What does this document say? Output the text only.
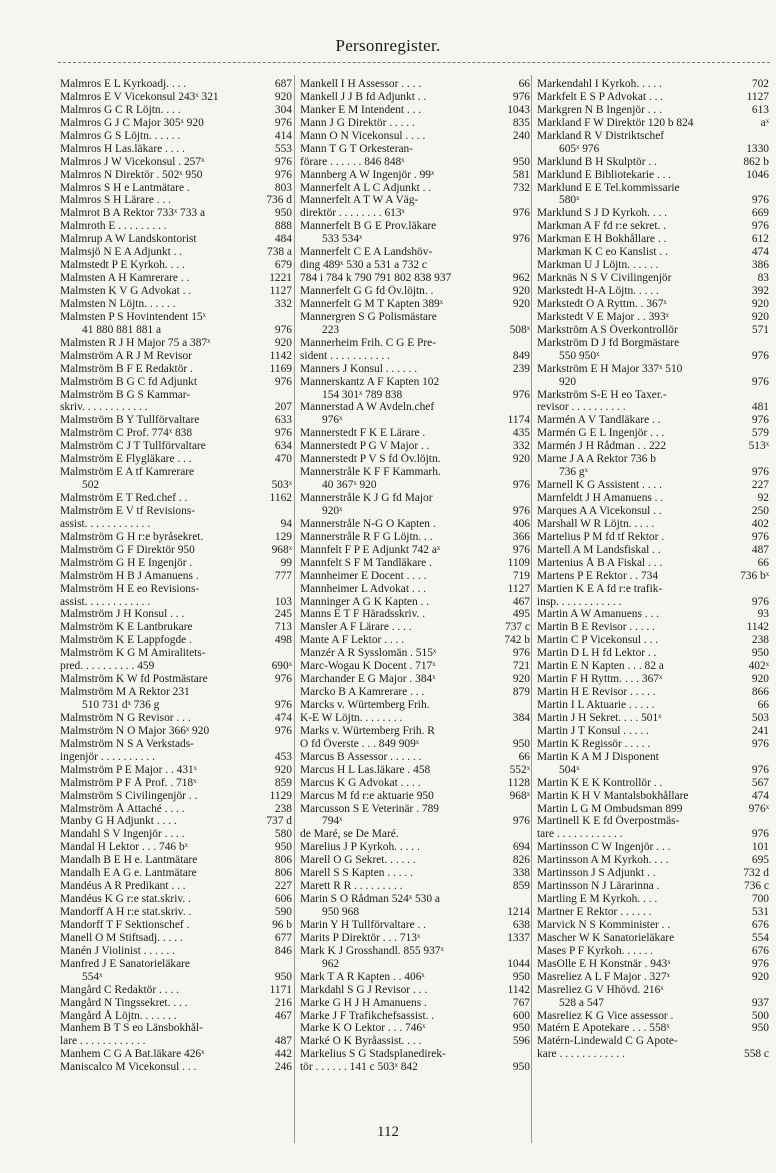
Personregister.
687
Malmros E L Kyrkoadj. . . .
920
Malmros E V Vicekonsul 243ˣ 321
304
Malmros G C R Löjtn. . . .
976
Malmros G J C Major 305ˣ 920
414
Malmros G S Löjtn. . . . . .
553
Malmros H Las.läkare . . . .
976
Malmros J W Vicekonsul . 257ˣ
976
Malmros N Direktör . 502ˣ 950
803
Malmros S H e Lantmätare .
736 d
Malmros S H Lärare . . .
950
Malmrot B A Rektor 733ˣ 733 a
888
Malmroth E . . . . . . . . .
484
Malmrup A W Landskontorist
738 a
Malmsjö N E A Adjunkt . .
679
Malmstedt P E Kyrkoh. . . .
1221
Malmsten A H Kamrerare . .
1127
Malmsten K V G Advokat . .
332
Malmsten N Löjtn. . . . . .
Malmsten P S Hovintendent 15ˣ
976
41 880 881 881 a
920
Malmsten R J H Major 75 a 387ˣ
1142
Malmström A R J M Revisor
1169
Malmström B F E Redaktör .
976
Malmström B G C fd Adjunkt
Malmström B G S Kammar-
207
skriv. . . . . . . . . . . .
633
Malmström B Y Tullförvaltare
976
Malmström C Prof. 774ˣ 838
634
Malmström C J T Tullförvaltare
470
Malmström E Flygläkare . . .
Malmström E A tf Kamrerare
503ˣ
502
1162
Malmström E T Red.chef . .
Malmström E V tf Revisions-
94
assist. . . . . . . . . . . .
129
Malmström G H r:e byråsekret.
968ˣ
Malmström G F Direktör 950
99
Malmström G H E Ingenjör .
777
Malmström H B J Amanuens .
Malmström H E eo Revisions-
103
assist. . . . . . . . . . . .
245
Malmström J H Konsul . . .
713
Malmström K E Lantbrukare
498
Malmström K E Lappfogde .
Malmström K G M Amiralitets-
690ˣ
pred. . . . . . . . . . 459
976
Malmström K W fd Postmästare
Malmström M A Rektor 231
976
510 731 dˣ 736 g
474
Malmström N G Revisor . . .
976
Malmström N O Major 366ˣ 920
Malmström N S A Verkstads-
453
ingenjör . . . . . . . . . .
920
Malmström P E Major . . 431ˣ
859
Malmström P F Å Prof. . 718ˣ
1129
Malmström S Civilingenjör . .
238
Malmström Å Attaché . . . .
737 d
Manby G H Adjunkt . . . .
580
Mandahl S V Ingenjör . . . .
950
Mandal H Lektor . . . 746 bˣ
806
Mandalh B E H e. Lantmätare
806
Mandalh E A G e. Lantmätare
227
Mandéus A R Predikant . . .
606
Mandéus K G r:e stat.skriv. .
590
Mandorff A H r:e stat.skriv. .
96 b
Mandorff T F Sektionschef .
677
Manell O M Stiftsadj. . . . .
846
Manén J Violinist . . . . . .
Manfred J E Sanatorieläkare
950
554ˣ
1171
Mangård C Redaktör . . . .
216
Mangård N Tingssekret. . . .
467
Mangård Å Löjtn. . . . . . .
Manhem B T S eo Länsbokhål-
487
lare . . . . . . . . . . . .
442
Manhem C G A Bat.läkare 426ˣ
246
Maniscalco M Vicekonsul . . .
66
Mankell I H Assessor . . . .
976
Mankell J J B fd Adjunkt . .
1043
Manker E M Intendent . . .
835
Mann J G Direktör . . . . .
240
Mann O N Vicekonsul . . . .
Mann T G T Orkesteran-
950
förare . . . . . . 846 848ˣ
581
Mannberg A W Ingenjör . 99ˣ
732
Mannerfelt A L C Adjunkt . .
Mannerfelt A T W A Väg-
976
direktör . . . . . . . . 613ˣ
Mannerfelt B G E Prov.läkare
976
533 534ˣ
Mannerfelt C E A Landshöv-
ding 489ˣ 530 a 531 a 732 c
962
784 i 784 k 790 791 802 838 937
920
Mannerfelt G G fd Öv.löjtn. .
920
Mannerfelt G M T Kapten 389ˣ
Mannergren S G Polismästare
508ˣ
223
Mannerheim Frih. C G E Pre-
849
sident . . . . . . . . . . .
239
Manners J Konsul . . . . . .
Mannerskantz A F Kapten 102
976
154 301ˣ 789 838
Mannerstad A W Avdeln.chef
1174
976ˣ
435
Mannerstedt F K E Lärare .
332
Mannerstedt P G V Major . .
920
Mannerstedt P V S fd Öv.löjtn.
Mannerstråle K F F Kammarh.
976
40 367ˣ 920
Mannerstråle K J G fd Major
976
920ˣ
406
Mannerstråle N-G O Kapten .
366
Mannerstråle R F G Löjtn. . .
976
Mannfelt F P E Adjunkt 742 aˣ
1109
Mannfelt S F M Tandläkare .
719
Mannheimer E Docent . . . .
1127
Mannheimer L Advokat . . .
467
Manninger A G K Kapten . .
495
Manns E T F Häradsskriv. .
737 c
Mansler A F Lärare . . . .
742 b
Mante A F Lektor . . . .
976
Manzér A R Sysslomän . 515ˣ
721
Marc-Wogau K Docent . 717ˣ
920
Marchander E G Major . 384ˣ
879
Marcko B A Kamrerare . . .
Marcks v. Würtemberg Frih.
384
K-E W Löjtn. . . . . . . .
Marks v. Würtemberg Frih. R
950
O fd Överste . . . 849 909ˣ
66
Marcus B Assessor . . . . . .
552ˣ
Marcus H L Las.läkare . 458
1128
Marcus K G Advokat . . . .
968ˣ
Marcus M fd r:e aktuarie 950
Marcusson S E Veterinär . 789
976
794ˣ
de Maré, se De Maré.
694
Marelius J P Kyrkoh. . . . .
826
Marell O G Sekret. . . . . .
338
Marell S S Kapten . . . . .
859
Marett R R . . . . . . . . .
Marin S O Rådman 524ˣ 530 a
1214
950 968
638
Marin Y H Tullförvaltare . .
1337
Marits P Direktör . . . 713ˣ
Mark K J Grosshandl. 855 937ˣ
1044
962
950
Mark T A R Kapten . . 406ˣ
1142
Markdahl S G J Revisor . . .
767
Marke G H J H Amanuens .
600
Marke J F Trafikchefsassist. .
950
Marke K O Lektor . . . 746ˣ
596
Marké O K Byråassist. . . .
Markelius S G Stadsplanedirek-
950
tör . . . . . . 141 c 503ˣ 842
702
Markendahl I Kyrkoh. . . . .
1127
Markfelt E S P Advokat . . .
613
Markgren N B Ingenjör . . .
aˣ
Markland F W Direktör 120 b 824
Markland R V Distriktschef
1330
605ˣ 976
862 b
Marklund B H Skulptör . .
1046
Marklund E Bibliotekarie . . .
Marklund E E Tel.kommissarie
976
580ˣ
669
Marklund S J D Kyrkoh. . . .
976
Markman A F fd r:e sekret. .
612
Markman E H Bokhållare . .
474
Markman K C eo Kanslist . .
386
Markman U J Löjtn. . . . . .
83
Marknäs N S V Civilingenjör
392
Markstedt H-A Löjtn. . . . .
920
Markstedt O A Ryttm. . 367ˣ
920
Markstedt V E Major . . 393ˣ
571
Markström A S Överkontrollör
Markström D J fd Borgmästare
976
550 950ˣ
Markström E H Major 337ˣ 510
976
920
Markström S-E H eo Taxer.-
481
revisor . . . . . . . . . .
976
Marmén A V Tandläkare . .
579
Marmén G E L Ingenjör . . .
513ˣ
Marmén J H Rådman . . 222
Marne J A A Rektor 736 b
976
736 gˣ
227
Marnell K G Assistent . . . .
92
Marnfeldt J H Amanuens . .
250
Marques A A Vicekonsul . .
402
Marshall W R Löjtn. . . . .
976
Martelius P M fd tf Rektor .
487
Martell A M Landsfiskal . .
66
Martenius Å B A Fiskal . . .
736 bˣ
Martens P E Rektor . . 734
Martien K E A fd r:e trafik-
976
insp. . . . . . . . . . . .
93
Martin A W Amanuens . . .
1142
Martin B E Revisor . . . . .
238
Martin C P Vicekonsul . . .
950
Martin D L H fd Lektor . .
402ˣ
Martin E N Kapten . . . 82 a
920
Martin F H Ryttm. . . . 367ˣ
866
Martin H E Revisor . . . . .
66
Martin I L Aktuarie . . . . .
503
Martin J H Sekret. . . . 501ˣ
241
Martin J T Konsul . . . . .
976
Martin K Regissör . . . . .
Martin K A M J Disponent
976
504ˣ
567
Martin K E K Kontrollör . .
474
Martin K H V Mantalsbokhållare
976ˣ
Martin L G M Ombudsman 899
Martinell K E fd Överpostmäs-
976
tare . . . . . . . . . . . .
101
Martinsson C W Ingenjör . . .
695
Martinsson A M Kyrkoh. . . .
732 d
Martinsson J S Adjunkt . .
736 c
Martinsson N J Lärarinna .
700
Martling E M Kyrkoh. . . .
531
Martner E Rektor . . . . . .
676
Marvick N S Komminister . .
554
Mascher W K Sanatorieläkare
676
Mases P F Kyrkoh. . . . . .
976
MasOlle E H Konstnär . 943ˣ
920
Masreliez A L F Major . 327ˣ
Masreliez G V Hhövd. 216ˣ
937
528 a 547
500
Masreliez K G Vice assessor .
950
Matérn E Apotekare . . . 558ˣ
Matérn-Lindewald C G Apote-
558 c
kare . . . . . . . . . . . .
112
